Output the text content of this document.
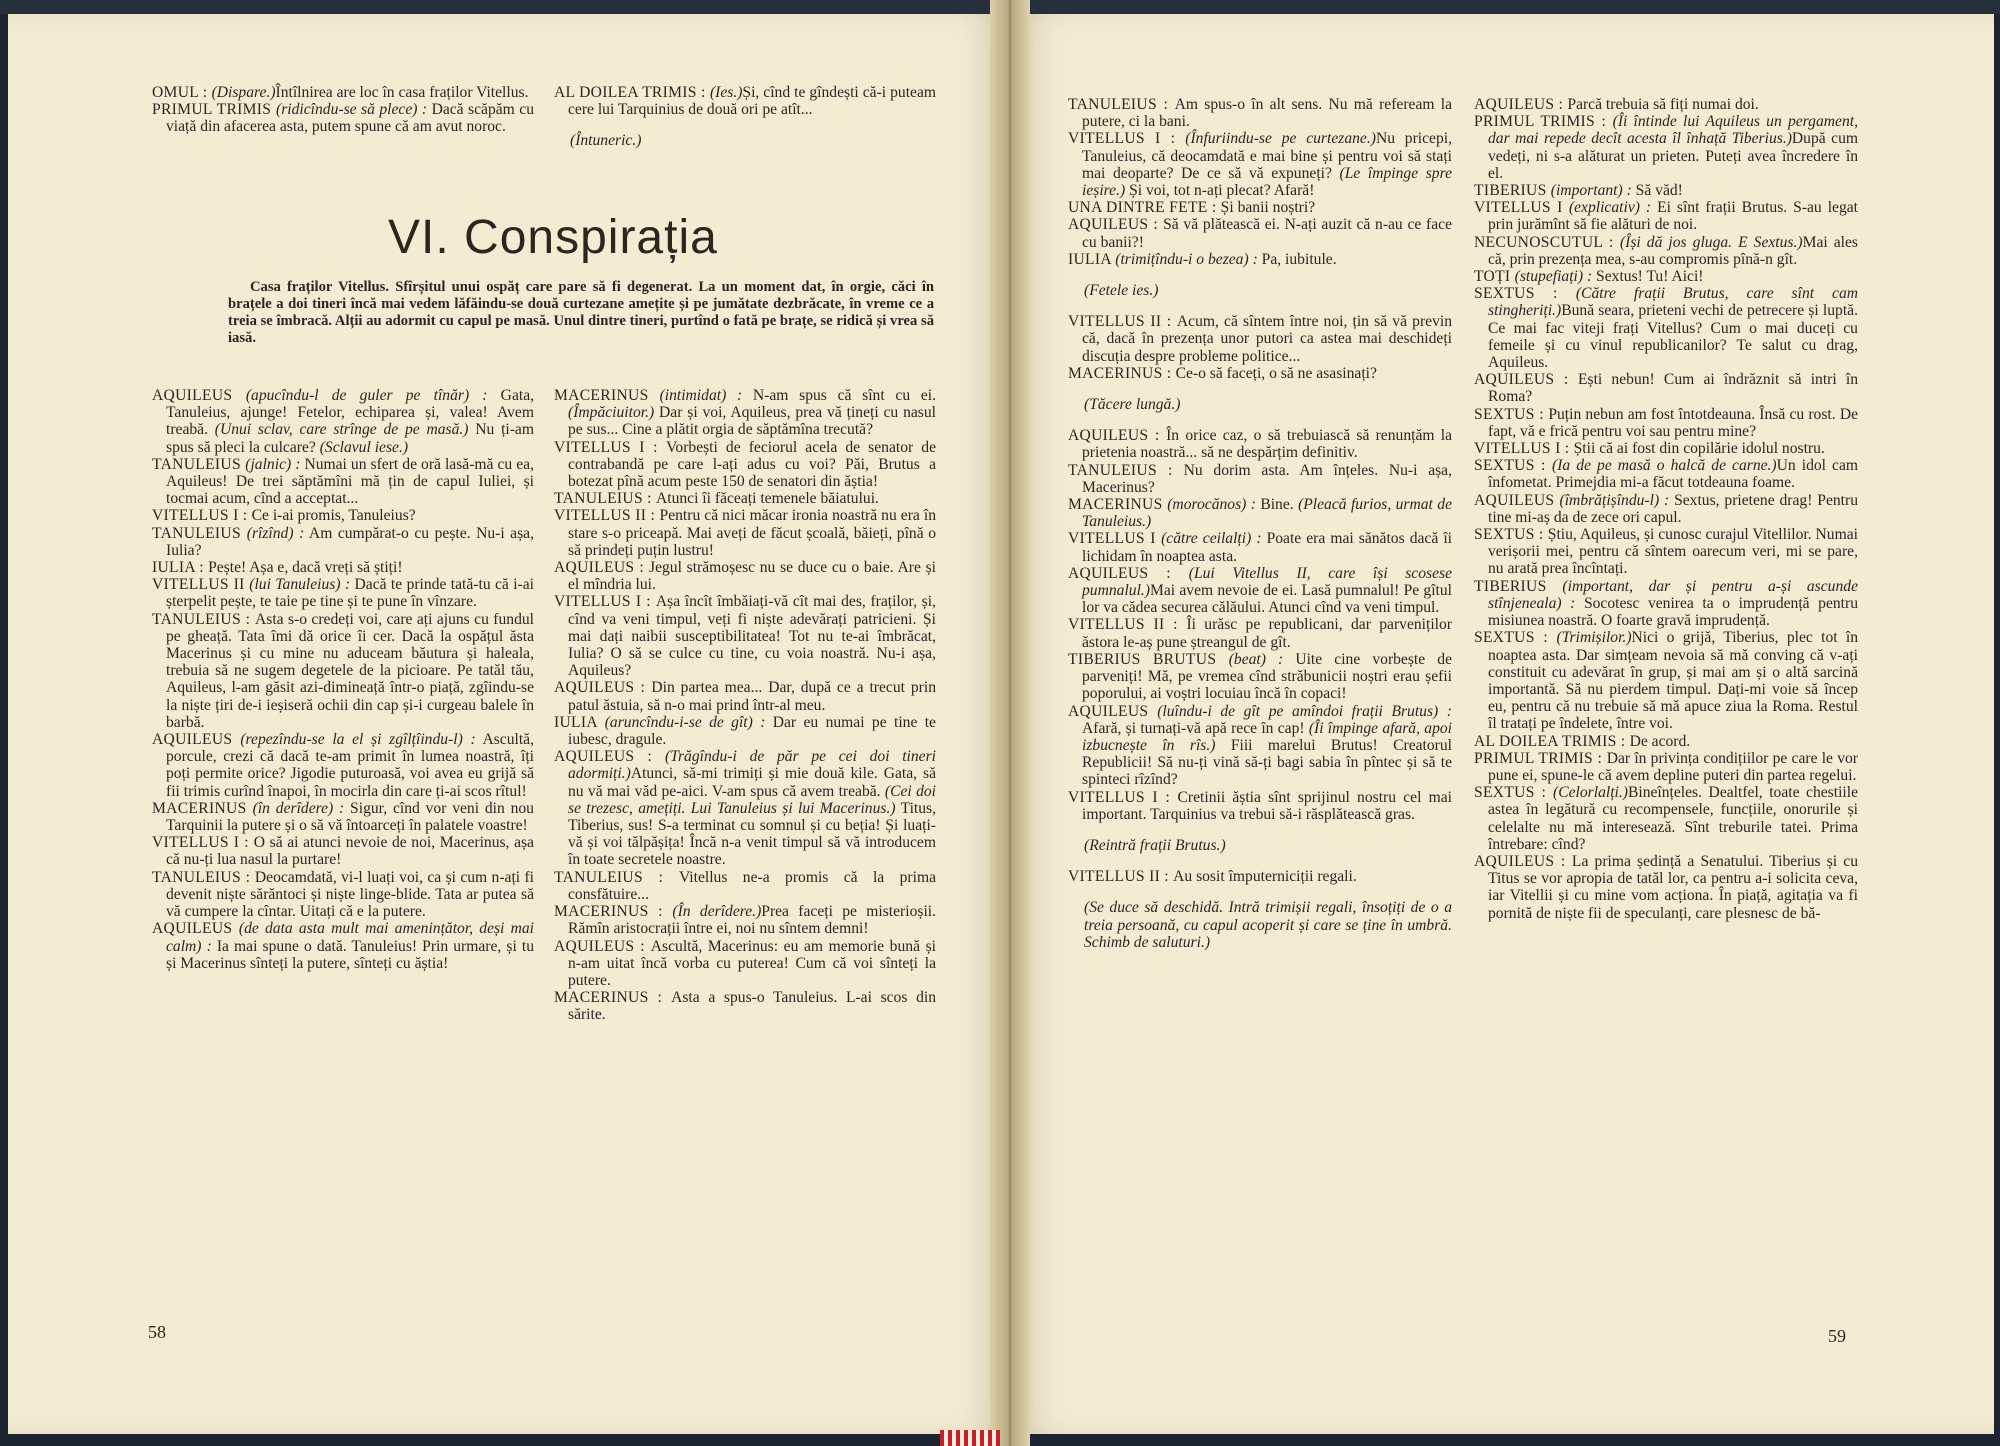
OMUL : (Dispare.)Întîlnirea are loc în casa fraților Vitellus.

PRIMUL TRIMIS (ridicîndu-se să plece) : Dacă scăpăm cu viață din afacerea asta, putem spune că am avut noroc.

AL DOILEA TRIMIS : (Ies.)Și, cînd te gîndești că-i puteam cere lui Tarquinius de două ori pe atît...

(Întuneric.)

VI. Conspirația
Casa fraților Vitellus. Sfîrșitul unui ospăț care pare să fi degenerat. La un moment dat, în orgie, căci în brațele a doi tineri încă mai vedem lăfăindu-se două curtezane amețite și pe jumătate dezbrăcate, în vreme ce a treia se îmbracă. Alții au adormit cu capul pe masă. Unul dintre tineri, purtînd o fată pe brațe, se ridică și vrea să iasă.

AQUILEUS (apucîndu-l de guler pe tînăr) : Gata, Tanuleius, ajunge! Fetelor, echiparea și, valea! Avem treabă. (Unui sclav, care strînge de pe masă.) Nu ți-am spus să pleci la culcare? (Sclavul iese.)

TANULEIUS (jalnic) : Numai un sfert de oră lasă-mă cu ea, Aquileus! De trei săptămîni mă țin de capul Iuliei, și tocmai acum, cînd a acceptat...

VITELLUS I : Ce i-ai promis, Tanuleius?

TANULEIUS (rîzînd) : Am cumpărat-o cu pește. Nu-i așa, Iulia?

IULIA : Pește! Așa e, dacă vreți să știți!

VITELLUS II (lui Tanuleius) : Dacă te prinde tată-tu că i-ai șterpelit pește, te taie pe tine și te pune în vînzare.

TANULEIUS : Asta s-o credeți voi, care ați ajuns cu fundul pe gheață. Tata îmi dă orice îi cer. Dacă la ospățul ăsta Macerinus și cu mine nu aduceam băutura și haleala, trebuia să ne sugem degetele de la picioare. Pe tatăl tău, Aquileus, l-am găsit azi-dimineață într-o piață, zgîindu-se la niște țiri de-i ieșiseră ochii din cap și-i curgeau balele în barbă.

AQUILEUS (repezîndu-se la el și zgîlțîindu-l) : Ascultă, porcule, crezi că dacă te-am primit în lumea noastră, îți poți permite orice? Jigodie puturoasă, voi avea eu grijă să fii trimis curînd înapoi, în mocirla din care ți-ai scos rîtul!

MACERINUS (în derîdere) : Sigur, cînd vor veni din nou Tarquinii la putere și o să vă întoarceți în palatele voastre!

VITELLUS I : O să ai atunci nevoie de noi, Macerinus, așa că nu-ți lua nasul la purtare!

TANULEIUS : Deocamdată, vi-l luați voi, ca și cum n-ați fi devenit niște sărăntoci și niște linge-blide. Tata ar putea să vă cumpere la cîntar. Uitați că e la putere.

AQUILEUS (de data asta mult mai amenințător, deși mai calm) : Ia mai spune o dată. Tanuleius! Prin urmare, și tu și Macerinus sînteți la putere, sînteți cu ăștia!

MACERINUS (intimidat) : N-am spus că sînt cu ei. (Împăciuitor.) Dar și voi, Aquileus, prea vă țineți cu nasul pe sus... Cine a plătit orgia de săptămîna trecută?

VITELLUS I : Vorbești de feciorul acela de senator de contrabandă pe care l-ați adus cu voi? Păi, Brutus a botezat pînă acum peste 150 de senatori din ăștia!

TANULEIUS : Atunci îi făceați temenele băiatului.

VITELLUS II : Pentru că nici măcar ironia noastră nu era în stare s-o priceapă. Mai aveți de făcut școală, băieți, pînă o să prindeți puțin lustru!

AQUILEUS : Jegul strămoșesc nu se duce cu o baie. Are și el mîndria lui.

VITELLUS I : Așa încît îmbăiați-vă cît mai des, fraților, și, cînd va veni timpul, veți fi niște adevărați patricieni. Și mai dați naibii susceptibilitatea! Tot nu te-ai îmbrăcat, Iulia? O să se culce cu tine, cu voia noastră. Nu-i așa, Aquileus?

AQUILEUS : Din partea mea... Dar, după ce a trecut prin patul ăstuia, să n-o mai prind într-al meu.

IULIA (aruncîndu-i-se de gît) : Dar eu numai pe tine te iubesc, dragule.

AQUILEUS : (Trăgîndu-i de păr pe cei doi tineri adormiți.)Atunci, să-mi trimiți și mie două kile. Gata, să nu vă mai văd pe-aici. V-am spus că avem treabă. (Cei doi se trezesc, amețiți. Lui Tanuleius și lui Macerinus.) Titus, Tiberius, sus! S-a terminat cu somnul și cu bețiа! Și luați-vă și voi tălpășița! Încă n-a venit timpul să vă introducem în toate secretele noastre.

TANULEIUS : Vitellus ne-a promis că la prima consfătuire...

MACERINUS : (În derîdere.)Prea faceți pe misterioșii. Rămîn aristocrații între ei, noi nu sîntem demni!

AQUILEUS : Ascultă, Macerinus: eu am memorie bună și n-am uitat încă vorba cu puterea! Cum că voi sînteți la putere.

MACERINUS : Asta a spus-o Tanuleius. L-ai scos din sărite.

58

TANULEIUS : Am spus-o în alt sens. Nu mă refeream la putere, ci la bani.

VITELLUS I : (Înfuriindu-se pe curtezane.)Nu pricepi, Tanuleius, că deocamdată e mai bine și pentru voi să stați mai deoparte? De ce să vă expuneți? (Le împinge spre ieșire.) Și voi, tot n-ați plecat? Afară!

UNA DINTRE FETE : Și banii noștri?

AQUILEUS : Să vă plătească ei. N-ați auzit că n-au ce face cu banii?!

IULIA (trimițîndu-i o bezea) : Pa, iubitule.

(Fetele ies.)

VITELLUS II : Acum, că sîntem între noi, țin să vă previn că, dacă în prezența unor putori ca astea mai deschideți discuția despre probleme politice...

MACERINUS : Ce-o să faceți, o să ne asasinați?

(Tăcere lungă.)

AQUILEUS : În orice caz, o să trebuiască să renunțăm la prietenia noastră... să ne despărțim definitiv.

TANULEIUS : Nu dorim asta. Am înțeles. Nu-i așa, Macerinus?

MACERINUS (morocănos) : Bine. (Pleacă furios, urmat de Tanuleius.)

VITELLUS I (către ceilalți) : Poate era mai sănătos dacă îi lichidam în noaptea asta.

AQUILEUS : (Lui Vitellus II, care își scosese pumnalul.)Mai avem nevoie de ei. Lasă pumnalul! Pe gîtul lor va cădea securea călăului. Atunci cînd va veni timpul.

VITELLUS II : Îi urăsc pe republicani, dar parveniților ăstora le-aș pune ștreangul de gît.

TIBERIUS BRUTUS (beat) : Uite cine vorbește de parveniți! Mă, pe vremea cînd străbunicii noștri erau șefii poporului, ai voștri locuiau încă în copaci!

AQUILEUS (luîndu-i de gît pe amîndoi frații Brutus) : Afară, și turnați-vă apă rece în cap! (Îi împinge afară, apoi izbucnește în rîs.) Fiii marelui Brutus! Creatorul Republicii! Să nu-ți vină să-ți bagi sabia în pîntec și să te spinteci rîzînd?

VITELLUS I : Cretinii ăștia sînt sprijinul nostru cel mai important. Tarquinius va trebui să-i răsplătească gras.

(Reintră frații Brutus.)

VITELLUS II : Au sosit împuterniciții regali.

(Se duce să deschidă. Intră trimișii regali, însoțiți de o a treia persoană, cu capul acoperit și care se ține în umbră. Schimb de saluturi.)

AQUILEUS : Parcă trebuia să fiți numai doi.

PRIMUL TRIMIS : (Îi întinde lui Aquileus un pergament, dar mai repede decît acesta îl înhață Tiberius.)După cum vedeți, ni s-a alăturat un prieten. Puteți avea încredere în el.

TIBERIUS (important) : Să văd!

VITELLUS I (explicativ) : Ei sînt frații Brutus. S-au legat prin jurămînt să fie alături de noi.

NECUNOSCUTUL : (Își dă jos gluga. E Sextus.)Mai ales că, prin prezența mea, s-au compromis pînă-n gît.

TOȚI (stupefiați) : Sextus! Tu! Aici!

SEXTUS : (Către frații Brutus, care sînt cam stingheriți.)Bună seara, prieteni vechi de petrecere și luptă. Ce mai fac viteji frați Vitellus? Cum o mai duceți cu femeile și cu vinul republicanilor? Te salut cu drag, Aquileus.

AQUILEUS : Ești nebun! Cum ai îndrăznit să intri în Roma?

SEXTUS : Puțin nebun am fost întotdeauna. Însă cu rost. De fapt, vă e frică pentru voi sau pentru mine?

VITELLUS I : Știi că ai fost din copilărie idolul nostru.

SEXTUS : (Ia de pe masă o halcă de carne.)Un idol cam înfometat. Primejdia mi-a făcut totdeauna foame.

AQUILEUS (îmbrățișîndu-l) : Sextus, prietene drag! Pentru tine mi-aș da de zece ori capul.

SEXTUS : Știu, Aquileus, și cunosc curajul Vitellilor. Numai verișorii mei, pentru că sîntem oarecum veri, mi se pare, nu arată prea încîntați.

TIBERIUS (important, dar și pentru a-și ascunde stînjeneala) : Socotesc venirea ta o imprudență pentru misiunea noastră. O foarte gravă imprudență.

SEXTUS : (Trimișilor.)Nici o grijă, Tiberius, plec tot în noaptea asta. Dar simțeam nevoia să mă conving că v-ați constituit cu adevărat în grup, și mai am și o altă sarcină importantă. Să nu pierdem timpul. Dați-mi voie să încep eu, pentru că nu trebuie să mă apuce ziua la Roma. Restul îl tratați pe îndelete, între voi.

AL DOILEA TRIMIS : De acord.

PRIMUL TRIMIS : Dar în privința condițiilor pe care le vor pune ei, spune-le că avem depline puteri din partea regelui.

SEXTUS : (Celorlalți.)Bineînțeles. Dealtfel, toate chestiile astea în legătură cu recompensele, funcțiile, onorurile și celelalte nu mă interesează. Sînt treburile tatei. Prima întrebare: cînd?

AQUILEUS : La prima ședință a Senatului. Tiberius și cu Titus se vor apropia de tatăl lor, ca pentru a-i solicita ceva, iar Vitellii și cu mine vom acționa. În piață, agitația va fi pornită de niște fii de speculanți, care plesnesc de bă-

59
